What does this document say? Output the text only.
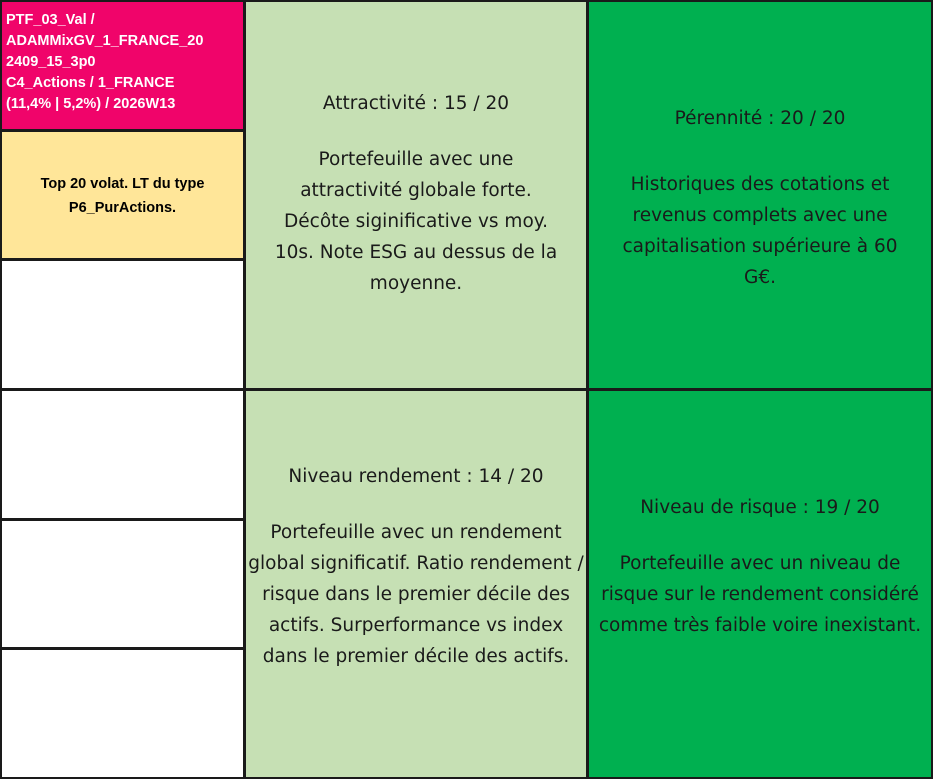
PTF_03_Val /
ADAMMixGV_1_FRANCE_20
2409_15_3p0
C4_Actions / 1_FRANCE
(11,4% | 5,2%) / 2026W13
Top 20 volat. LT du type P6_PurActions.
Attractivité : 15 / 20
Portefeuille avec une attractivité globale forte. Décôte siginificative vs moy. 10s. Note ESG au dessus de la moyenne.
Pérennité : 20 / 20
Historiques des cotations et revenus complets avec une capitalisation supérieure à 60 G€.
Niveau rendement : 14 / 20
Portefeuille avec un rendement global significatif. Ratio rendement / risque dans le premier décile des actifs. Surperformance vs index dans le premier décile des actifs.
Niveau de risque : 19 / 20
Portefeuille avec un niveau de risque sur le rendement considéré comme très faible voire inexistant.
